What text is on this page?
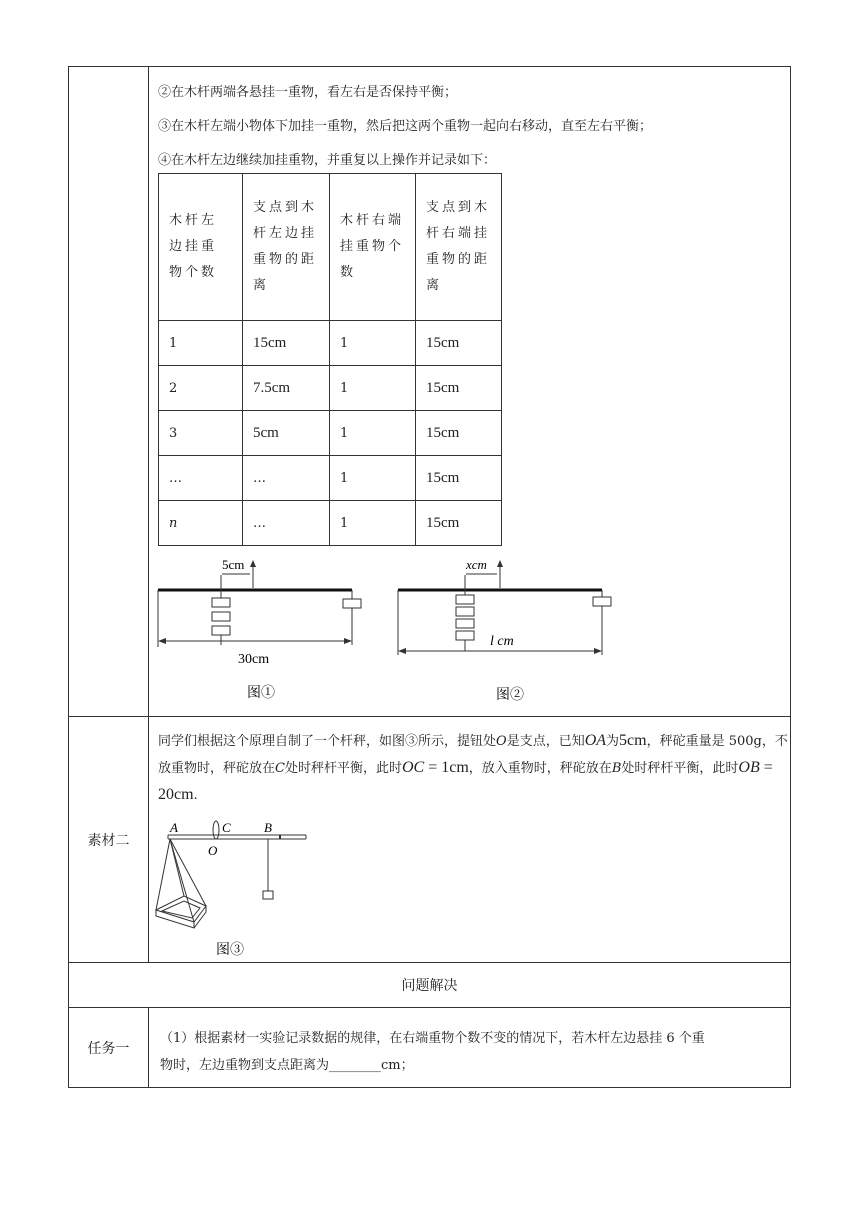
素材二	
问题解决	
任务一	
②在木杆两端各悬挂一重物，看左右是否保持平衡；
③在木杆左端小物体下加挂一重物，然后把这两个重物一起向右移动，直至左右平衡；
④在木杆左边继续加挂重物，并重复以上操作并记录如下：
木杆左边挂重物个数	支点到木杆左边挂重物的距离	木杆右端挂重物个数	支点到木杆右端挂重物的距离
1	15cm	1	15cm
2	7.5cm	1	15cm
3	5cm	1	15cm
…	…	1	15cm
n	…	1	15cm
5cm
30cm
图①
xcm
l cm
图②
同学们根据这个原理自制了一个杆秤，如图③所示，提钮处O是支点，已知OA为5cm，秤砣重量是 500g，不放重物时，秤砣放在C处时秤杆平衡，此时OC = 1cm，放入重物时，秤砣放在B处时秤杆平衡，此时OB = 20cm.
A	C	B
O
图③
（1）根据素材一实验记录数据的规律，在右端重物个数不变的情况下，若木杆左边悬挂 6 个重
物时，左边重物到支点距离为________cm；
